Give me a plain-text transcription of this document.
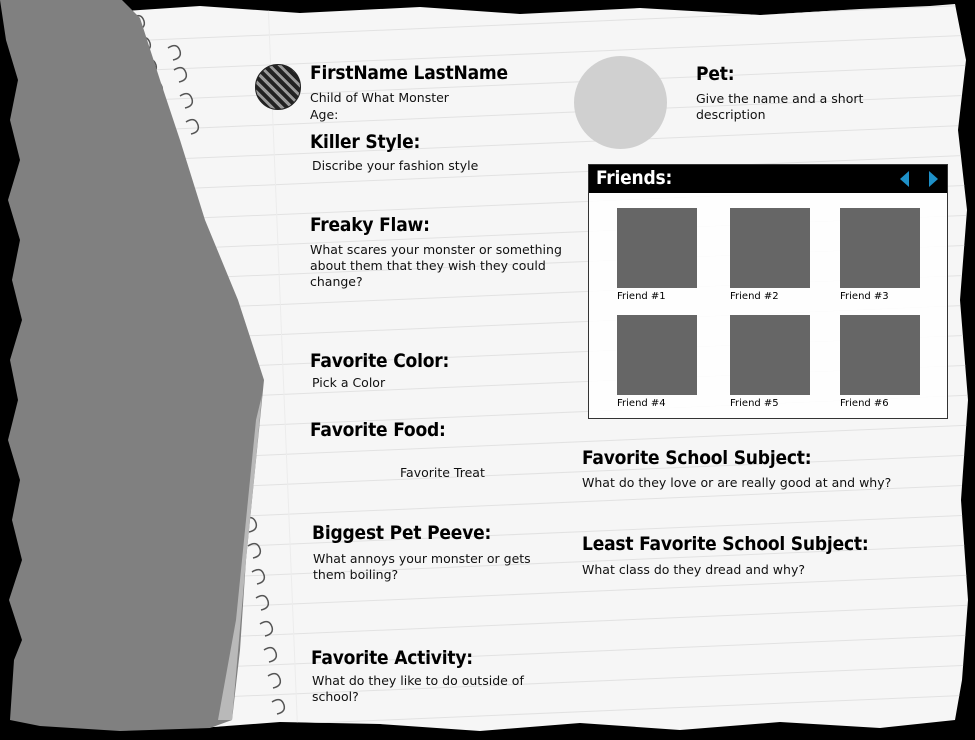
FirstName LastName
Child of What Monster
Age:
Killer Style:
Discribe your fashion style
Freaky Flaw:
What scares your monster or something about them that they wish they could change?
Favorite Color:
Pick a Color
Favorite Food:
Favorite Treat
Biggest Pet Peeve:
What annoys your monster or gets them boiling?
Favorite Activity:
What do they like to do outside of school?
Pet:
Give the name and a short description
Friends:
Friend #1	Friend #2	Friend #3
Friend #4	Friend #5	Friend #6
Favorite School Subject:
What do they love or are really good at and why?
Least Favorite School Subject:
What class do they dread and why?
